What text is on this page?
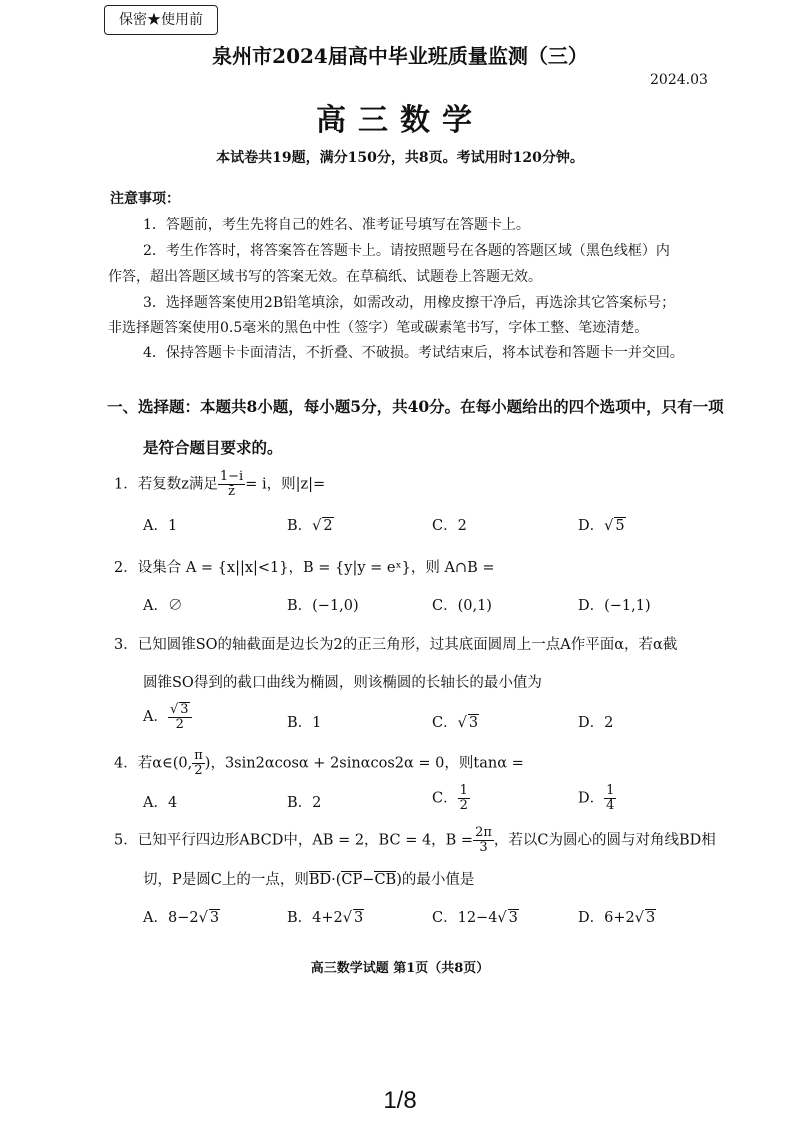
保密★使用前
泉州市2024届高中毕业班质量监测（三）
2024.03
高三数学
本试卷共19题，满分150分，共8页。考试用时120分钟。
注意事项：
1．答题前，考生先将自己的姓名、准考证号填写在答题卡上。
2．考生作答时，将答案答在答题卡上。请按照题号在各题的答题区域（黑色线框）内
作答，超出答题区域书写的答案无效。在草稿纸、试题卷上答题无效。
3．选择题答案使用2B铅笔填涂，如需改动，用橡皮擦干净后，再选涂其它答案标号；
非选择题答案使用0.5毫米的黑色中性（签字）笔或碳素笔书写，字体工整、笔迹清楚。
4．保持答题卡卡面清洁，不折叠、不破损。考试结束后，将本试卷和答题卡一并交回。
一、选择题：本题共8小题，每小题5分，共40分。在每小题给出的四个选项中，只有一项
是符合题目要求的。
1．若复数z满足 $\frac{1-i}{z̄} = i$，则|z|=
A．1	B．√ 2	C．2	D．√ 5
2．设集合 A = {x||x|<1}，B = {y|y = eˣ}，则 A∩B =
A．∅	B．(−1,0)	C．(0,1)	D．(−1,1)
3．已知圆锥SO的轴截面是边长为2的正三角形，过其底面圆周上一点A作平面α，若α截
圆锥SO得到的截口曲线为椭圆，则该椭圆的长轴长的最小值为
A． $\frac{√ 3}{2}$	B．1	C．√ 3	D．2
4．若α∈(0, $\frac{\pi}{2}$ )，3sin2αcosα + 2sinαcos2α = 0，则tanα =
A．4	B．2	C． $\frac{1}{2}$	D． $\frac{1}{4}$
5．已知平行四边形ABCD中，AB = 2，BC = 4，$B = \frac{2\pi}{3}$ ，若以C为圆心的圆与对角线BD相
切，P是圆C上的一点，则BD·(CP−CB)的最小值是
A．8−2√ 3	B．4+2√ 3	C．12−4√ 3	D．6+2√ 3
高三数学试题 第1页（共8页）
1/8
